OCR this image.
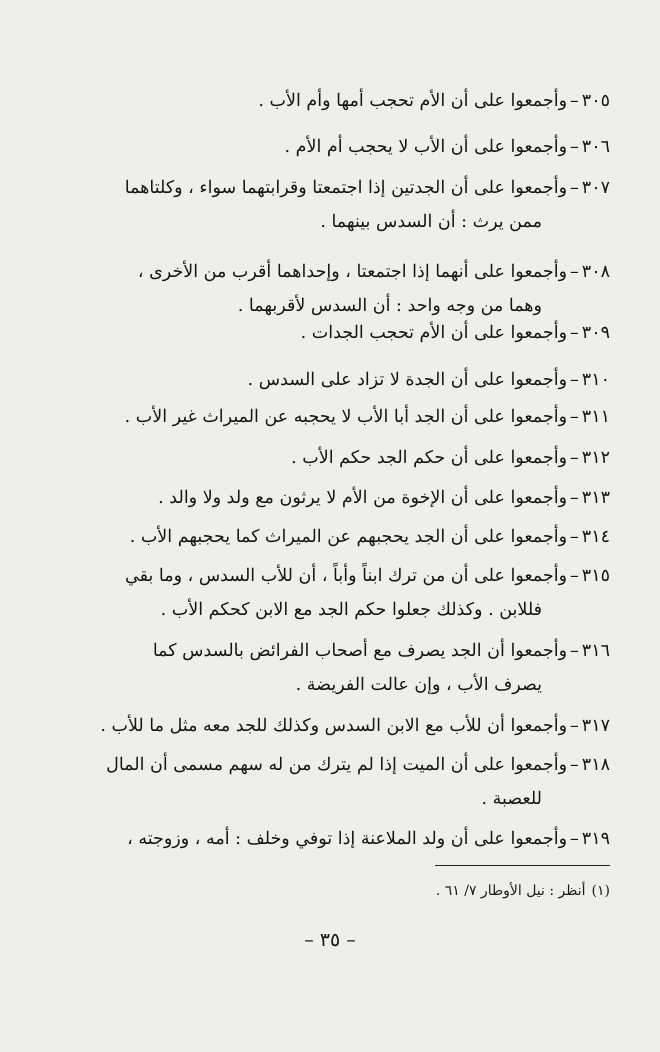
٣٠٥–وأجمعوا على أن الأم تحجب أمها وأم الأب .
٣٠٦–وأجمعوا على أن الأب لا يحجب أم الأم .
٣٠٧–وأجمعوا على أن الجدتين إذا اجتمعتا وقرابتهما سواء ، وكلتاهما
ممن يرث : أن السدس بينهما .
٣٠٨–وأجمعوا على أنهما إذا اجتمعتا ، وإحداهما أقرب من الأخرى ،
وهما من وجه واحد : أن السدس لأقربهما .
٣٠٩–وأجمعوا على أن الأم تحجب الجدات .
٣١٠–وأجمعوا على أن الجدة لا تزاد على السدس .
٣١١–وأجمعوا على أن الجد أبا الأب لا يحجبه عن الميراث غير الأب .
٣١٢–وأجمعوا على أن حكم الجد حكم الأب .
٣١٣–وأجمعوا على أن الإخوة من الأم لا يرثون مع ولد ولا والد .
٣١٤–وأجمعوا على أن الجد يحجبهم عن الميراث كما يحجبهم الأب .
٣١٥–وأجمعوا على أن من ترك ابناً وأباً ، أن للأب السدس ، وما بقي
فللابن . وكذلك جعلوا حكم الجد مع الابن كحكم الأب .
٣١٦–وأجمعوا أن الجد يصرف مع أصحاب الفرائض بالسدس كما
يصرف الأب ، وإن عالت الفريضة .
٣١٧–وأجمعوا أن للأب مع الابن السدس وكذلك للجد معه مثل ما للأب .
٣١٨–وأجمعوا على أن الميت إذا لم يترك من له سهم مسمى أن المال
للعصبة .
٣١٩–وأجمعوا على أن ولد الملاعنة إذا توفي وخلف : أمه ، وزوجته ،
(١)أنظر : نيل الأوطار ٧/ ٦١ .
– ٣٥ –
